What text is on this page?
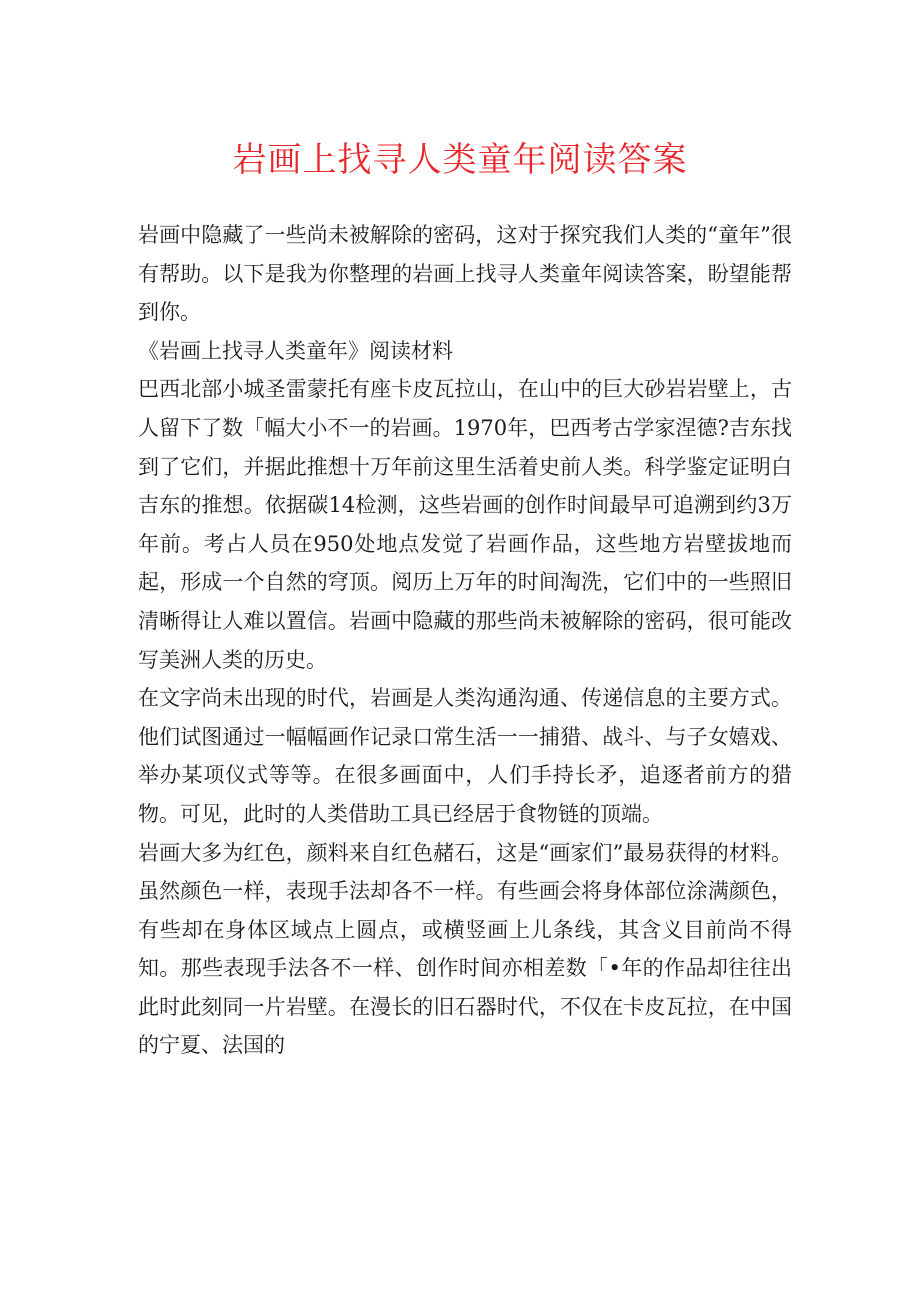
岩画上找寻人类童年阅读答案

岩画中隐藏了一些尚未被解除的密码，这对于探究我们人类的“童年”很有帮助。以下是我为你整理的岩画上找寻人类童年阅读答案，盼望能帮到你。

《岩画上找寻人类童年》阅读材料

巴西北部小城圣雷蒙托有座卡皮瓦拉山，在山中的巨大砂岩岩壁上，古人留下了数「幅大小不一的岩画。1970年，巴西考古学家涅德?吉东找到了它们，并据此推想十万年前这里生活着史前人类。科学鉴定证明白吉东的推想。依据碳14检测，这些岩画的创作时间最早可追溯到约3万年前。考占人员在950处地点发觉了岩画作品，这些地方岩壁拔地而起，形成一个自然的穹顶。阅历上万年的时间淘洗，它们中的一些照旧清晰得让人难以置信。岩画中隐藏的那些尚未被解除的密码，很可能改写美洲人类的历史。

在文字尚未出现的时代，岩画是人类沟通沟通、传递信息的主要方式。他们试图通过一幅幅画作记录口常生活一一捕猎、战斗、与子女嬉戏、举办某项仪式等等。在很多画面中，人们手持长矛，追逐者前方的猎物。可见，此时的人类借助工具已经居于食物链的顶端。

岩画大多为红色，颜料来自红色赭石，这是“画家们”最易获得的材料。虽然颜色一样，表现手法却各不一样。有些画会将身体部位涂满颜色，有些却在身体区域点上圆点，或横竖画上儿条线，其含义目前尚不得知。那些表现手法各不一样、创作时间亦相差数「•年的作品却往往出此时此刻同一片岩壁。在漫长的旧石器时代，不仅在卡皮瓦拉，在中国的宁夏、法国的
